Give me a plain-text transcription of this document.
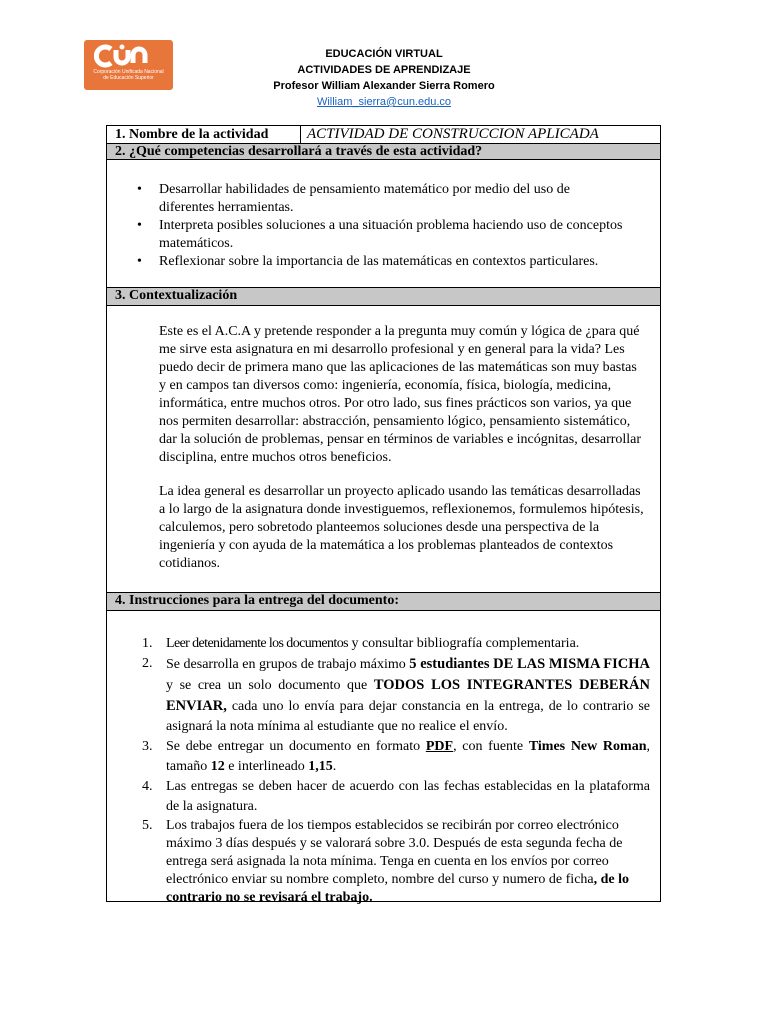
Corporación Unificada Nacional
de Educación Superior
EDUCACIÓN VIRTUAL
ACTIVIDADES DE APRENDIZAJE
Profesor William Alexander Sierra Romero
William_sierra@cun.edu.co
1. Nombre de la actividad	ACTIVIDAD DE CONSTRUCCION APLICADA
2. ¿Qué competencias desarrollará a través de esta actividad?
• Desarrollar habilidades de pensamiento matemático por medio del uso de diferentes herramientas.
• Interpreta posibles soluciones a una situación problema haciendo uso de conceptos matemáticos.
• Reflexionar sobre la importancia de las matemáticas en contextos particulares.
3. Contextualización

Este es el A.C.A y pretende responder a la pregunta muy común y lógica de ¿para qué me sirve esta asignatura en mi desarrollo profesional y en general para la vida? Les puedo decir de primera mano que las aplicaciones de las matemáticas son muy bastas y en campos tan diversos como: ingeniería, economía, física, biología, medicina, informática, entre muchos otros. Por otro lado, sus fines prácticos son varios, ya que nos permiten desarrollar: abstracción, pensamiento lógico, pensamiento sistemático, dar la solución de problemas, pensar en términos de variables e incógnitas, desarrollar disciplina, entre muchos otros beneficios.

La idea general es desarrollar un proyecto aplicado usando las temáticas desarrolladas a lo largo de la asignatura donde investiguemos, reflexionemos, formulemos hipótesis, calculemos, pero sobretodo planteemos soluciones desde una perspectiva de la ingeniería y con ayuda de la matemática a los problemas planteados de contextos cotidianos.

4. Instrucciones para la entrega del documento:
1. Leer detenidamente los documentos y consultar bibliografía complementaria.
2. Se desarrolla en grupos de trabajo máximo 5 estudiantes DE LAS MISMA FICHA y se crea un solo documento que TODOS LOS INTEGRANTES DEBERÁN ENVIAR, cada uno lo envía para dejar constancia en la entrega, de lo contrario se asignará la nota mínima al estudiante que no realice el envío.
3. Se debe entregar un documento en formato PDF, con fuente Times New Roman, tamaño 12 e interlineado 1,15.
4. Las entregas se deben hacer de acuerdo con las fechas establecidas en la plataforma de la asignatura.
5. Los trabajos fuera de los tiempos establecidos se recibirán por correo electrónico máximo 3 días después y se valorará sobre 3.0. Después de esta segunda fecha de entrega será asignada la nota mínima. Tenga en cuenta en los envíos por correo electrónico enviar su nombre completo, nombre del curso y numero de ficha, de lo contrario no se revisará el trabajo.
